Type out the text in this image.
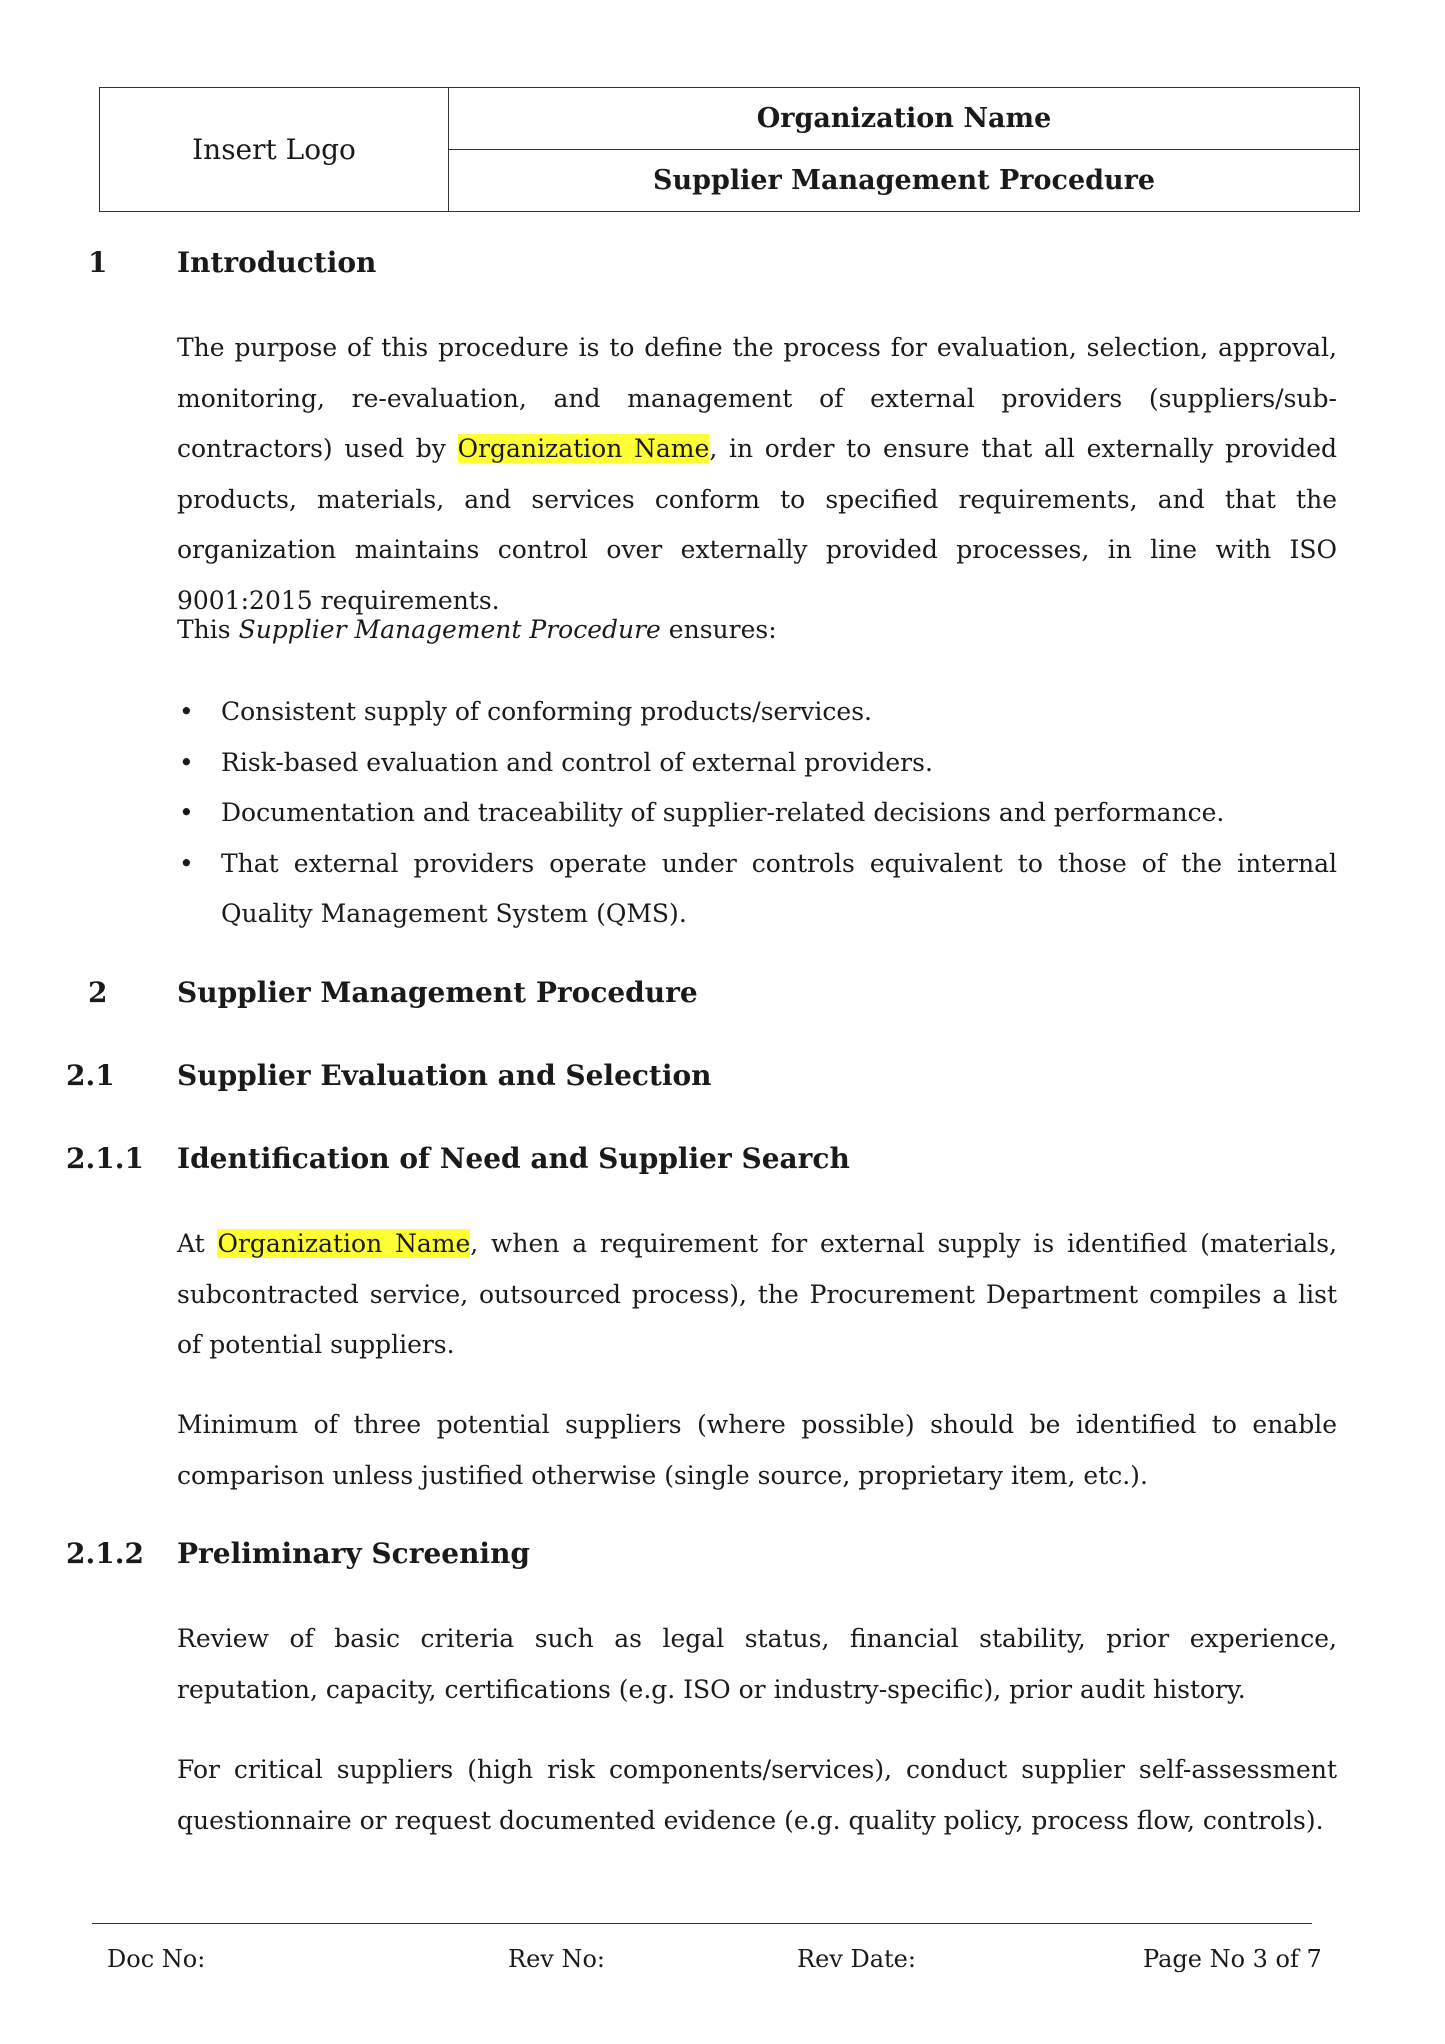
Insert Logo	Organization Name
Supplier Management Procedure
1 Introduction

The purpose of this procedure is to define the process for evaluation, selection, approval, monitoring, re-evaluation, and management of external providers (suppliers/sub-contractors) used by Organization Name, in order to ensure that all externally provided products, materials, and services conform to specified requirements, and that the organization maintains control over externally provided processes, in line with ISO 9001:2015 requirements.

This Supplier Management Procedure ensures:

• Consistent supply of conforming products/services.
• Risk-based evaluation and control of external providers.
• Documentation and traceability of supplier-related decisions and performance.
• That external providers operate under controls equivalent to those of the internal Quality Management System (QMS).
2 Supplier Management Procedure
2.1 Supplier Evaluation and Selection
2.1.1 Identification of Need and Supplier Search

At Organization Name, when a requirement for external supply is identified (materials, subcontracted service, outsourced process), the Procurement Department compiles a list of potential suppliers.

Minimum of three potential suppliers (where possible) should be identified to enable comparison unless justified otherwise (single source, proprietary item, etc.).

2.1.2 Preliminary Screening

Review of basic criteria such as legal status, financial stability, prior experience, reputation, capacity, certifications (e.g. ISO or industry-specific), prior audit history.

For critical suppliers (high risk components/services), conduct supplier self-assessment questionnaire or request documented evidence (e.g. quality policy, process flow, controls).

Doc No:	Rev No:	Rev Date:	Page No 3 of 7
